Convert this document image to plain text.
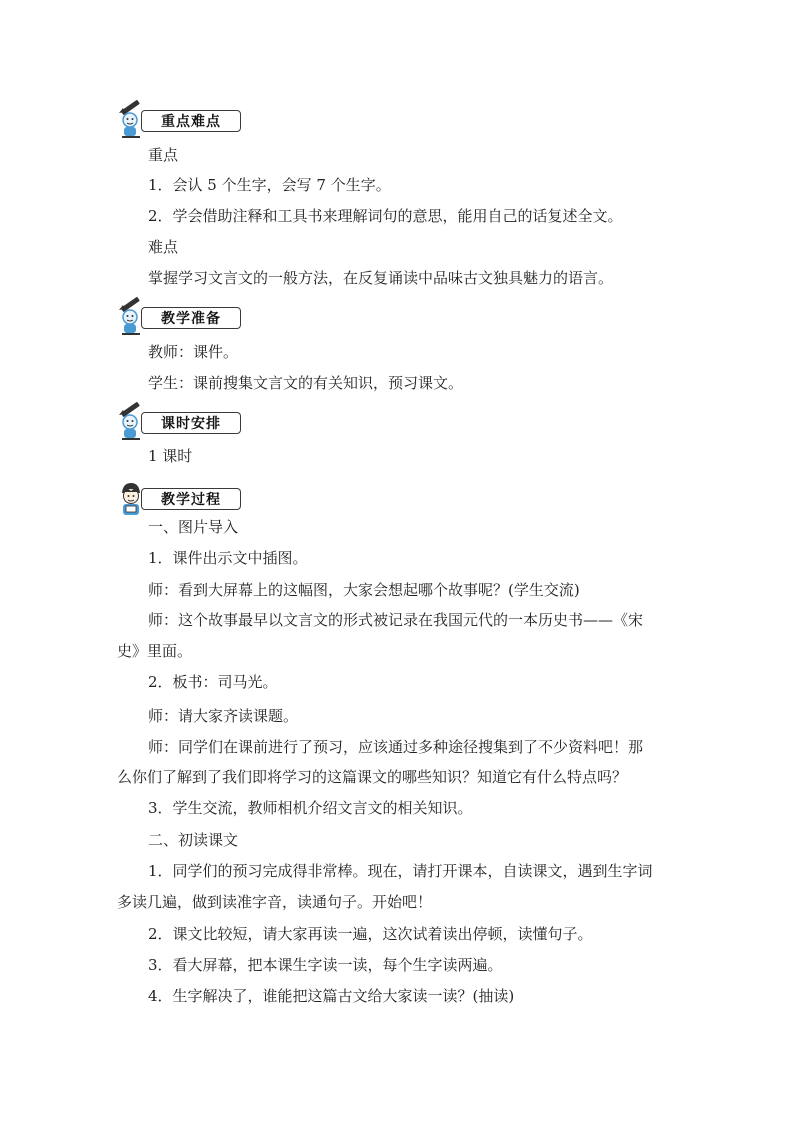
重点难点
重点
1．会认 5 个生字，会写 7 个生字。
2．学会借助注释和工具书来理解词句的意思，能用自己的话复述全文。
难点
掌握学习文言文的一般方法，在反复诵读中品味古文独具魅力的语言。
教学准备
教师：课件。
学生：课前搜集文言文的有关知识，预习课文。
课时安排
1 课时
教学过程
一、图片导入
1．课件出示文中插图。
师：看到大屏幕上的这幅图，大家会想起哪个故事呢？(学生交流)
师：这个故事最早以文言文的形式被记录在我国元代的一本历史书——《宋
史》里面。
2．板书：司马光。
师：请大家齐读课题。
师：同学们在课前进行了预习，应该通过多种途径搜集到了不少资料吧！那
么你们了解到了我们即将学习的这篇课文的哪些知识？知道它有什么特点吗？
3．学生交流，教师相机介绍文言文的相关知识。
二、初读课文
1．同学们的预习完成得非常棒。现在，请打开课本，自读课文，遇到生字词
多读几遍，做到读准字音，读通句子。开始吧！
2．课文比较短，请大家再读一遍，这次试着读出停顿，读懂句子。
3．看大屏幕，把本课生字读一读，每个生字读两遍。
4．生字解决了，谁能把这篇古文给大家读一读？(抽读)
